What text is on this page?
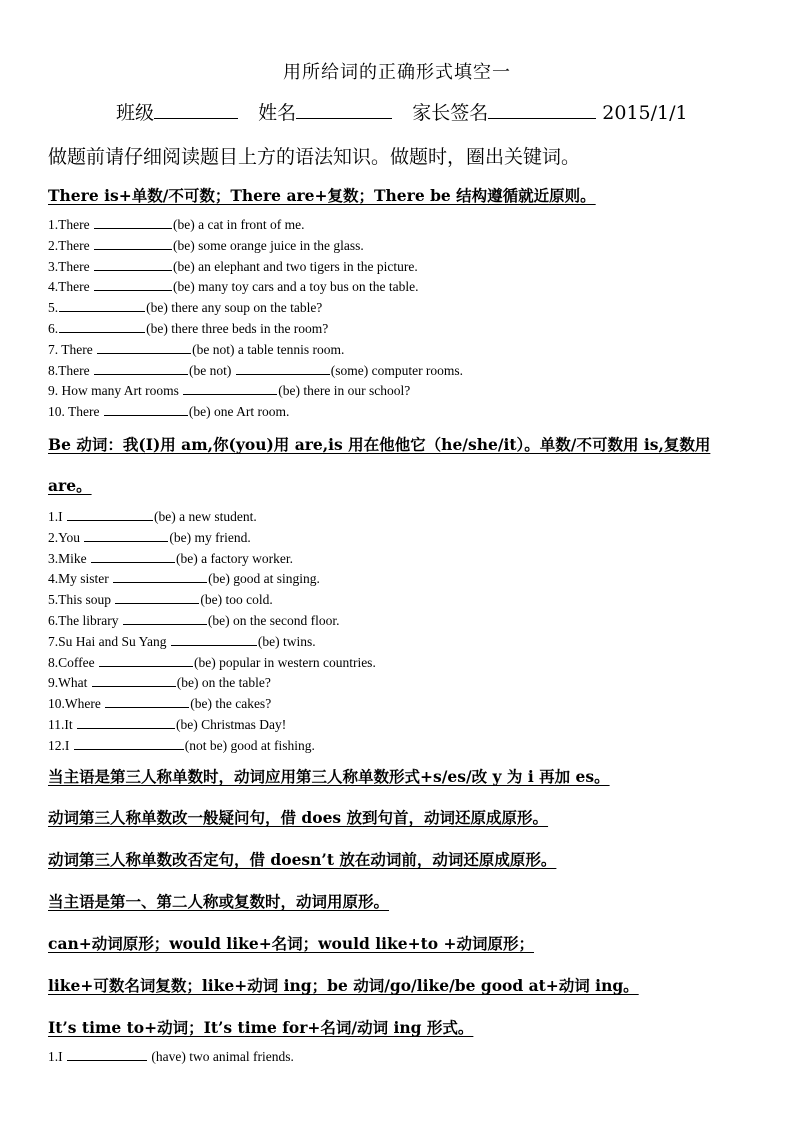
用所给词的正确形式填空一
班级	姓名	家长签名	2015/1/1
做题前请仔细阅读题目上方的语法知识。做题时，圈出关键词。
There is+单数/不可数；There are+复数；There be 结构遵循就近原则。
1.There	(be) a cat in front of me.
2.There	(be) some orange juice in the glass.
3.There	(be) an elephant and two tigers in the picture.
4.There	(be) many toy cars and a toy bus on the table.
5.	(be) there any soup on the table?
6.	(be) there three beds in the room?
7. There	(be not) a table tennis room.
8.There	(be not)	(some) computer rooms.
9. How many Art rooms	(be) there in our school?
10. There	(be) one Art room.
Be 动词：我(I)用 am,你(you)用 are,is 用在他他它（he/she/it）。单数/不可数用 is,复数用
are。
1.I	(be) a new student.
2.You	(be) my friend.
3.Mike	(be) a factory worker.
4.My sister	(be) good at singing.
5.This soup	(be) too cold.
6.The library	(be) on the second floor.
7.Su Hai and Su Yang	(be) twins.
8.Coffee	(be) popular in western countries.
9.What	(be) on the table?
10.Where	(be) the cakes?
11.It	(be) Christmas Day!
12.I	(not be) good at fishing.
当主语是第三人称单数时，动词应用第三人称单数形式+s/es/改 y 为 i 再加 es。
动词第三人称单数改一般疑问句，借 does 放到句首，动词还原成原形。
动词第三人称单数改否定句，借 doesn’t 放在动词前，动词还原成原形。
当主语是第一、第二人称或复数时，动词用原形。
can+动词原形；would like+名词；would like+to +动词原形；
like+可数名词复数；like+动词 ing；be 动词/go/like/be good at+动词 ing。
It’s time to+动词；It’s time for+名词/动词 ing 形式。
1.I	(have) two animal friends.
